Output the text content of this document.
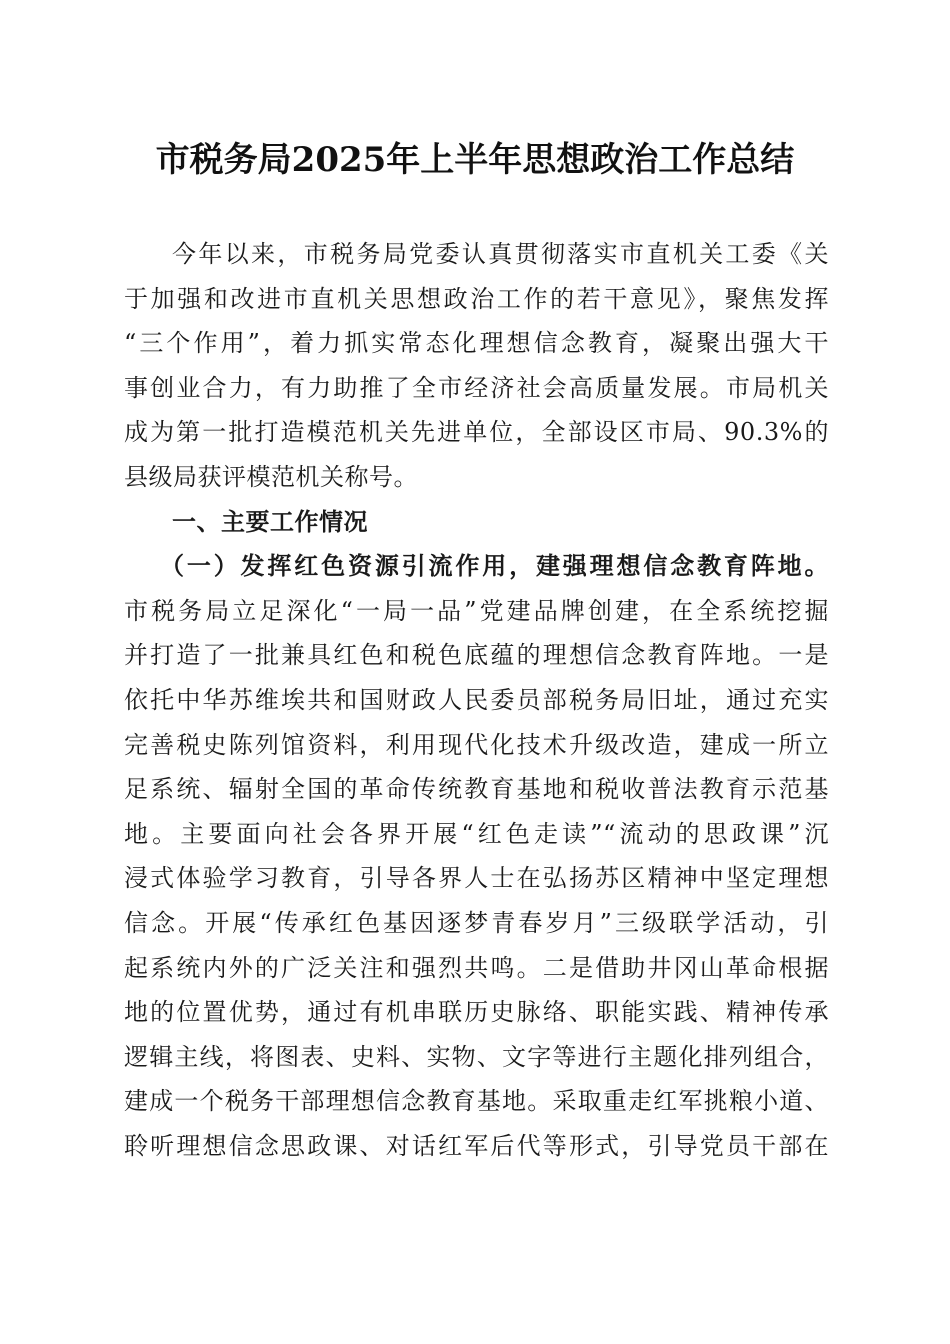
市税务局2025年上半年思想政治工作总结
今年以来，市税务局党委认真贯彻落实市直机关工委《关
于加强和改进市直机关思想政治工作的若干意见》，聚焦发挥
“三个作用”，着力抓实常态化理想信念教育，凝聚出强大干
事创业合力，有力助推了全市经济社会高质量发展。市局机关
成为第一批打造模范机关先进单位，全部设区市局、90.3%的
县级局获评模范机关称号。
一、主要工作情况
（一）发挥红色资源引流作用，建强理想信念教育阵地。
市税务局立足深化“一局一品”党建品牌创建，在全系统挖掘
并打造了一批兼具红色和税色底蕴的理想信念教育阵地。一是
依托中华苏维埃共和国财政人民委员部税务局旧址，通过充实
完善税史陈列馆资料，利用现代化技术升级改造，建成一所立
足系统、辐射全国的革命传统教育基地和税收普法教育示范基
地。主要面向社会各界开展“红色走读”“流动的思政课”沉
浸式体验学习教育，引导各界人士在弘扬苏区精神中坚定理想
信念。开展“传承红色基因逐梦青春岁月”三级联学活动，引
起系统内外的广泛关注和强烈共鸣。二是借助井冈山革命根据
地的位置优势，通过有机串联历史脉络、职能实践、精神传承
逻辑主线，将图表、史料、实物、文字等进行主题化排列组合，
建成一个税务干部理想信念教育基地。采取重走红军挑粮小道、
聆听理想信念思政课、对话红军后代等形式，引导党员干部在
